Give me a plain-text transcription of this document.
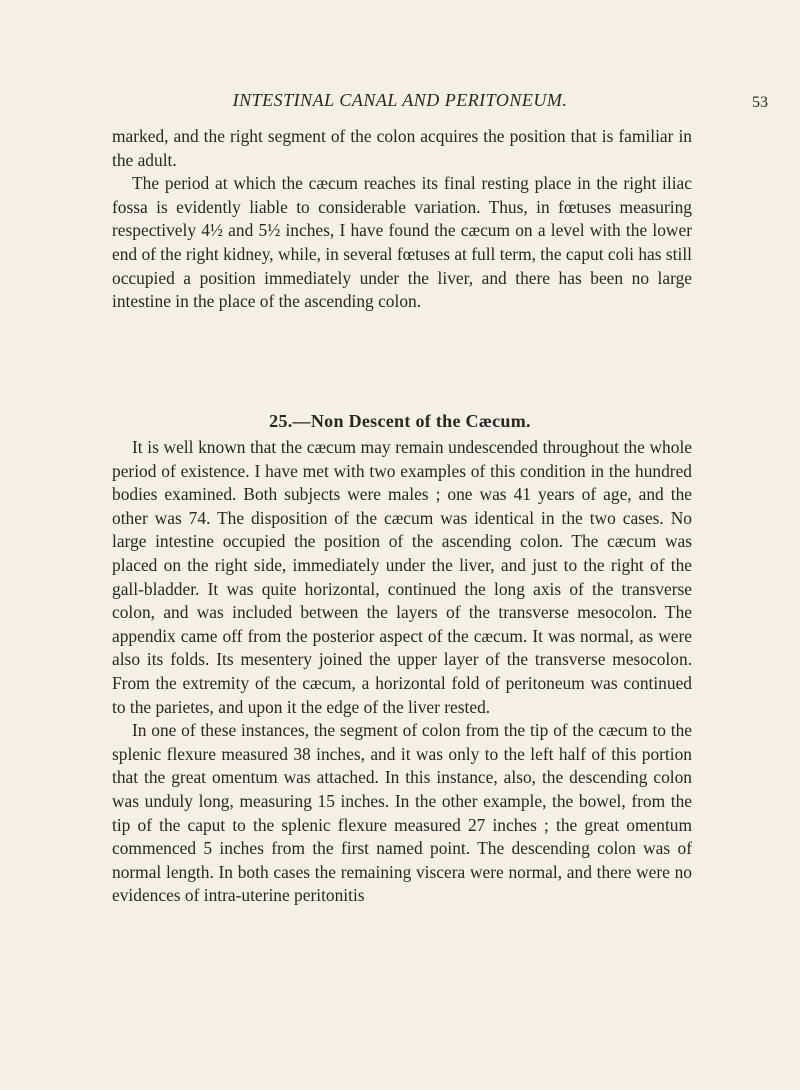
INTESTINAL CANAL AND PERITONEUM.	53

marked, and the right segment of the colon acquires the position that is familiar in the adult.

The period at which the cæcum reaches its final resting place in the right iliac fossa is evidently liable to considerable variation. Thus, in fœtuses measuring respectively 4½ and 5½ inches, I have found the cæcum on a level with the lower end of the right kidney, while, in several fœtuses at full term, the caput coli has still occupied a position immediately under the liver, and there has been no large intestine in the place of the ascending colon.

25.—Non Descent of the Cæcum.

It is well known that the cæcum may remain undescended throughout the whole period of existence. I have met with two examples of this condition in the hundred bodies examined. Both subjects were males ; one was 41 years of age, and the other was 74. The disposition of the cæcum was identical in the two cases. No large intestine occupied the position of the ascending colon. The cæcum was placed on the right side, immediately under the liver, and just to the right of the gall-bladder. It was quite horizontal, continued the long axis of the transverse colon, and was included between the layers of the transverse mesocolon. The appendix came off from the posterior aspect of the cæcum. It was normal, as were also its folds. Its mesentery joined the upper layer of the transverse mesocolon. From the extremity of the cæcum, a horizontal fold of peritoneum was continued to the parietes, and upon it the edge of the liver rested.

In one of these instances, the segment of colon from the tip of the cæcum to the splenic flexure measured 38 inches, and it was only to the left half of this portion that the great omentum was attached. In this instance, also, the descending colon was unduly long, measuring 15 inches. In the other example, the bowel, from the tip of the caput to the splenic flexure measured 27 inches ; the great omentum commenced 5 inches from the first named point. The descending colon was of normal length. In both cases the remaining viscera were normal, and there were no evidences of intra-uterine peritonitis
